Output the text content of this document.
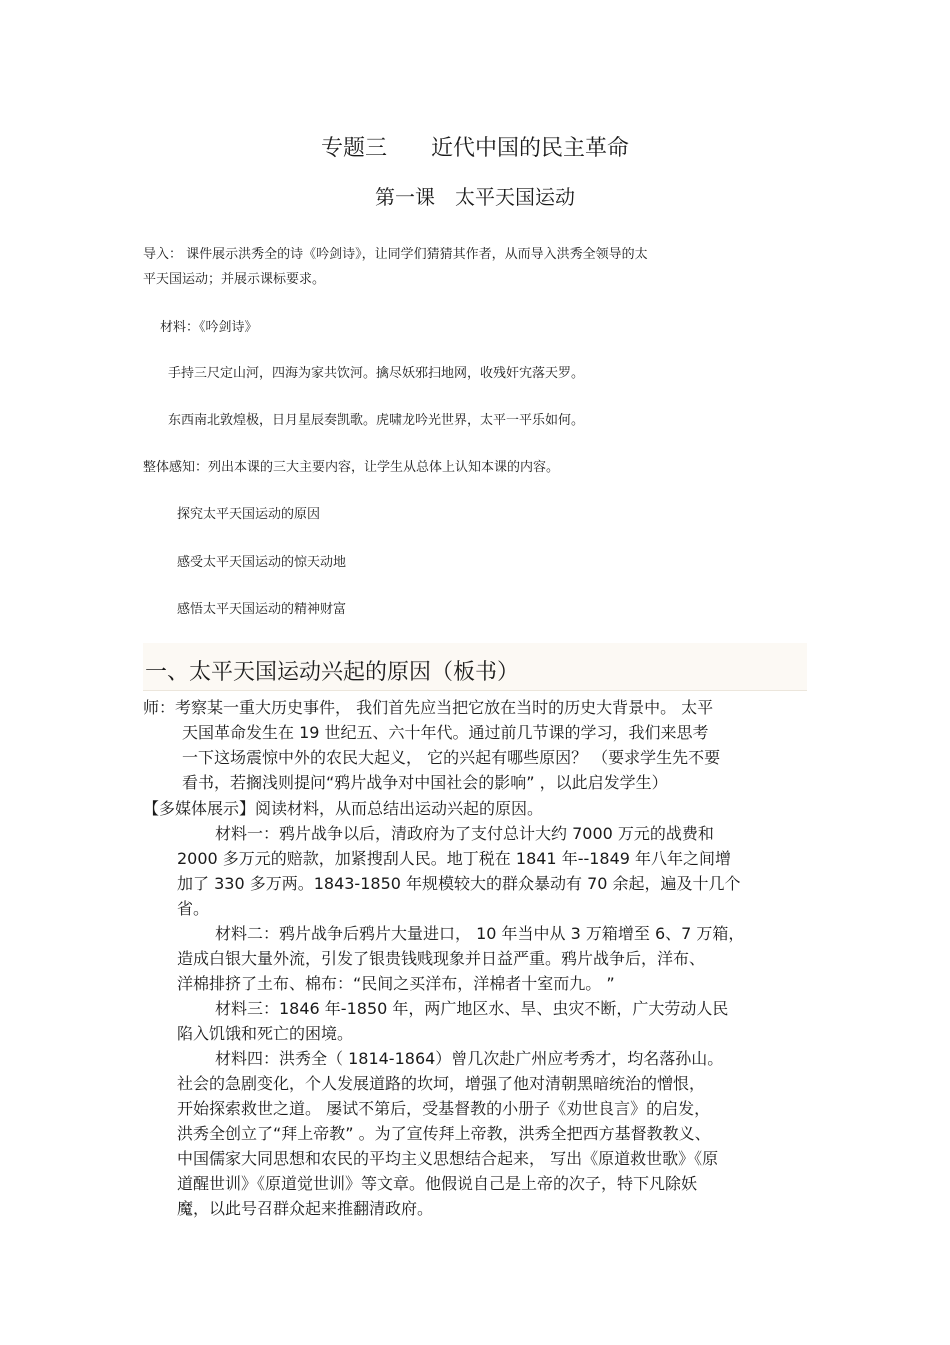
专题三　　近代中国的民主革命
第一课　太平天国运动
导入： 课件展示洪秀全的诗《吟剑诗》，让同学们猜猜其作者，从而导入洪秀全领导的太
平天国运动；并展示课标要求。
材料：《吟剑诗》
手持三尺定山河，四海为家共饮河。擒尽妖邪扫地网，收残奸宄落天罗。
东西南北敦煌极，日月星辰奏凯歌。虎啸龙吟光世界，太平一平乐如何。
整体感知：列出本课的三大主要内容，让学生从总体上认知本课的内容。
探究太平天国运动的原因
感受太平天国运动的惊天动地
感悟太平天国运动的精神财富
一、太平天国运动兴起的原因（板书）
师：考察某一重大历史事件， 我们首先应当把它放在当时的历史大背景中。 太平
天国革命发生在 19 世纪五、六十年代。通过前几节课的学习，我们来思考
一下这场震惊中外的农民大起义， 它的兴起有哪些原因？ （要求学生先不要
看书，若搁浅则提问“鸦片战争对中国社会的影响” ，以此启发学生）
【多媒体展示】阅读材料，从而总结出运动兴起的原因。
材料一：鸦片战争以后，清政府为了支付总计大约 7000 万元的战费和
2000 多万元的赔款，加紧搜刮人民。地丁税在 1841 年--1849 年八年之间增
加了 330 多万两。1843-1850 年规模较大的群众暴动有 70 余起，遍及十几个
省。
材料二：鸦片战争后鸦片大量进口， 10 年当中从 3 万箱增至 6、7 万箱，
造成白银大量外流，引发了银贵钱贱现象并日益严重。鸦片战争后，洋布、
洋棉排挤了土布、棉布：“民间之买洋布，洋棉者十室而九。 ”
材料三：1846 年-1850 年，两广地区水、旱、虫灾不断，广大劳动人民
陷入饥饿和死亡的困境。
材料四：洪秀全（ 1814-1864）曾几次赴广州应考秀才，均名落孙山。
社会的急剧变化，个人发展道路的坎坷，增强了他对清朝黑暗统治的憎恨，
开始探索救世之道。 屡试不第后，受基督教的小册子《劝世良言》的启发，
洪秀全创立了“拜上帝教” 。为了宣传拜上帝教，洪秀全把西方基督教教义、
中国儒家大同思想和农民的平均主义思想结合起来， 写出《原道救世歌》《原
道醒世训》《原道觉世训》等文章。他假说自己是上帝的次子，特下凡除妖
魔，以此号召群众起来推翻清政府。
